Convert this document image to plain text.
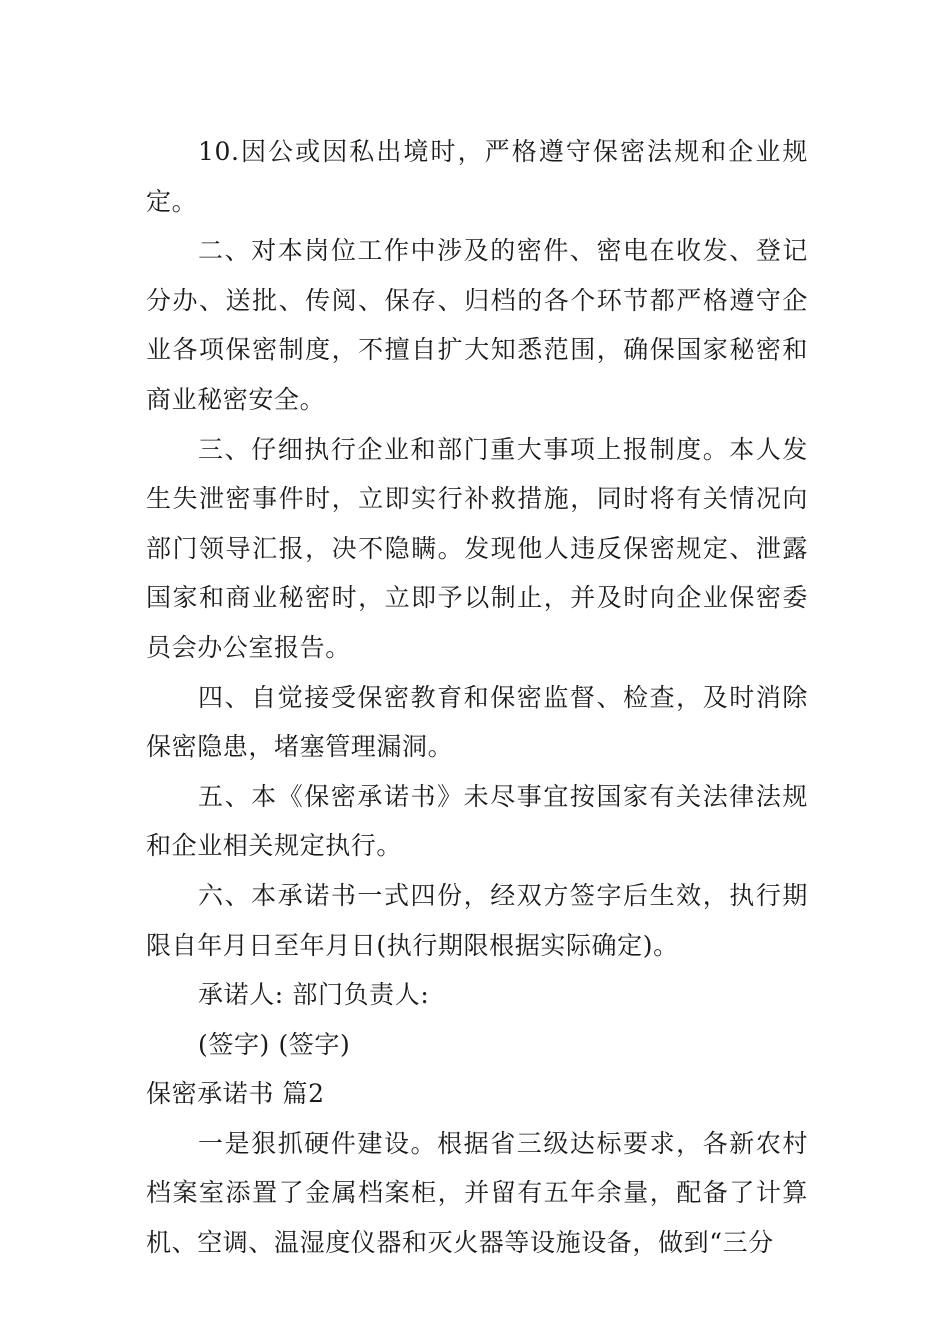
10.因公或因私出境时，严格遵守保密法规和企业规定。

二、对本岗位工作中涉及的密件、密电在收发、登记分办、送批、传阅、保存、归档的各个环节都严格遵守企业各项保密制度，不擅自扩大知悉范围，确保国家秘密和商业秘密安全。

三、仔细执行企业和部门重大事项上报制度。本人发生失泄密事件时，立即实行补救措施，同时将有关情况向部门领导汇报，决不隐瞒。发现他人违反保密规定、泄露国家和商业秘密时，立即予以制止，并及时向企业保密委员会办公室报告。

四、自觉接受保密教育和保密监督、检查，及时消除保密隐患，堵塞管理漏洞。

五、本《保密承诺书》未尽事宜按国家有关法律法规和企业相关规定执行。

六、本承诺书一式四份，经双方签字后生效，执行期限自年月日至年月日(执行期限根据实际确定)。

承诺人: 部门负责人:

(签字) (签字)

保密承诺书 篇2

一是狠抓硬件建设。根据省三级达标要求，各新农村档案室添置了金属档案柜，并留有五年余量，配备了计算机、空调、温湿度仪器和灭火器等设施设备，做到“三分
